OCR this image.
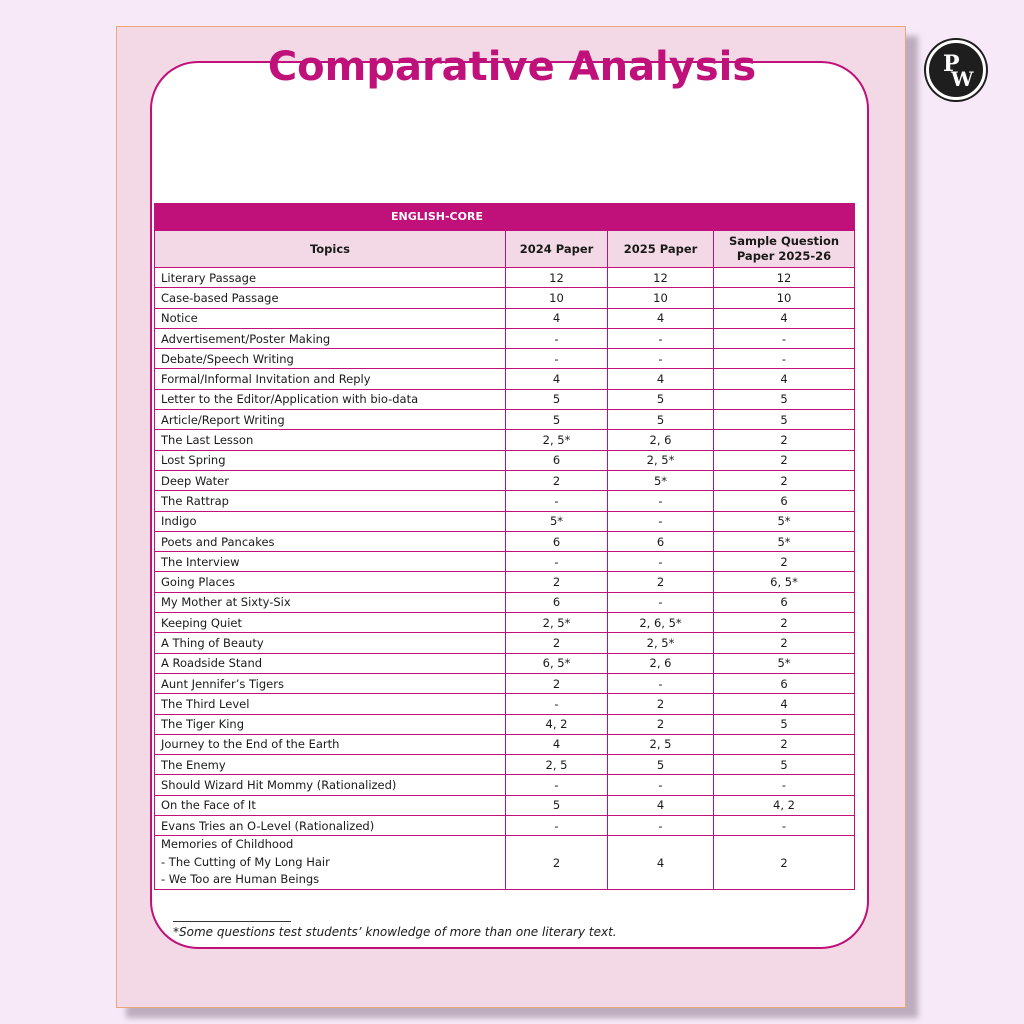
Comparative Analysis
ENGLISH-CORE			
Topics	2024 Paper	2025 Paper	Sample Question Paper 2025-26
Literary Passage	12	12	12
Case-based Passage	10	10	10
Notice	4	4	4
Advertisement/Poster Making	-	-	-
Debate/Speech Writing	-	-	-
Formal/Informal Invitation and Reply	4	4	4
Letter to the Editor/Application with bio-data	5	5	5
Article/Report Writing	5	5	5
The Last Lesson	2, 5*	2, 6	2
Lost Spring	6	2, 5*	2
Deep Water	2	5*	2
The Rattrap	-	-	6
Indigo	5*	-	5*
Poets and Pancakes	6	6	5*
The Interview	-	-	2
Going Places	2	2	6, 5*
My Mother at Sixty-Six	6	-	6
Keeping Quiet	2, 5*	2, 6, 5*	2
A Thing of Beauty	2	2, 5*	2
A Roadside Stand	6, 5*	2, 6	5*
Aunt Jennifer’s Tigers	2	-	6
The Third Level	-	2	4
The Tiger King	4, 2	2	5
Journey to the End of the Earth	4	2, 5	2
The Enemy	2, 5	5	5
Should Wizard Hit Mommy (Rationalized)	-	-	-
On the Face of It	5	4	4, 2
Evans Tries an O-Level (Rationalized)	-	-	-

Memories of Childhood
- The Cutting of My Long Hair
- We Too are Human Beings	2	4	2

*Some questions test students’ knowledge of more than one literary text.

P
W
